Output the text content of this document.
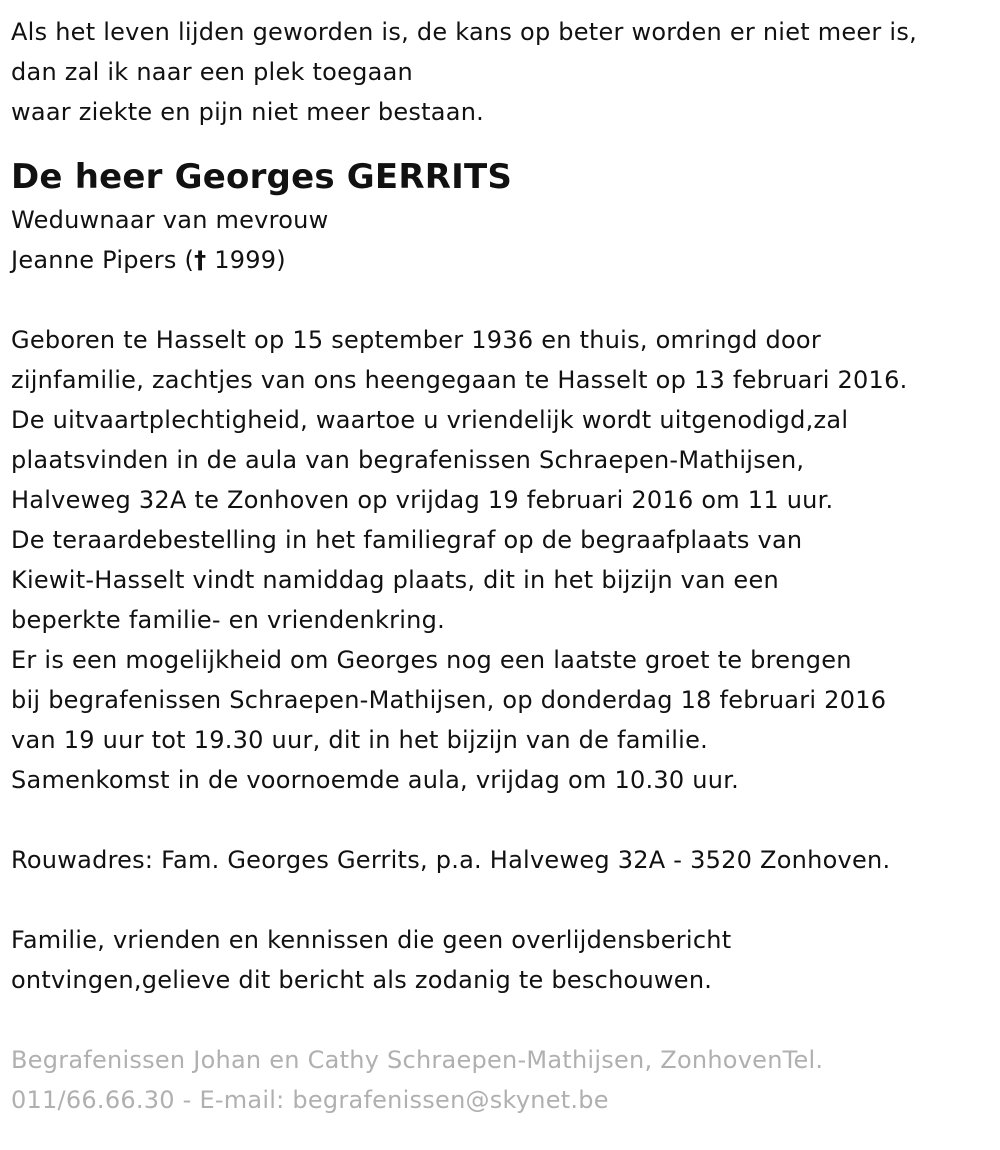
Als het leven lijden geworden is, de kans op beter worden er niet meer is,
dan zal ik naar een plek toegaan
waar ziekte en pijn niet meer bestaan.
De heer Georges GERRITS
Weduwnaar van mevrouw
Jeanne Pipers († 1999)
Geboren te Hasselt op 15 september 1936 en thuis, omringd door
zijnfamilie, zachtjes van ons heengegaan te Hasselt op 13 februari 2016.
De uitvaartplechtigheid, waartoe u vriendelijk wordt uitgenodigd,zal
plaatsvinden in de aula van begrafenissen Schraepen-Mathijsen,
Halveweg 32A te Zonhoven op vrijdag 19 februari 2016 om 11 uur.
De teraardebestelling in het familiegraf op de begraafplaats van
Kiewit-Hasselt vindt namiddag plaats, dit in het bijzijn van een
beperkte familie- en vriendenkring.
Er is een mogelijkheid om Georges nog een laatste groet te brengen
bij begrafenissen Schraepen-Mathijsen, op donderdag 18 februari 2016
van 19 uur tot 19.30 uur, dit in het bijzijn van de familie.
Samenkomst in de voornoemde aula, vrijdag om 10.30 uur.
Rouwadres: Fam. Georges Gerrits, p.a. Halveweg 32A - 3520 Zonhoven.
Familie, vrienden en kennissen die geen overlijdensbericht
ontvingen,gelieve dit bericht als zodanig te beschouwen.
Begrafenissen Johan en Cathy Schraepen-Mathijsen, ZonhovenTel.
011/66.66.30 - E-mail: begrafenissen@skynet.be
